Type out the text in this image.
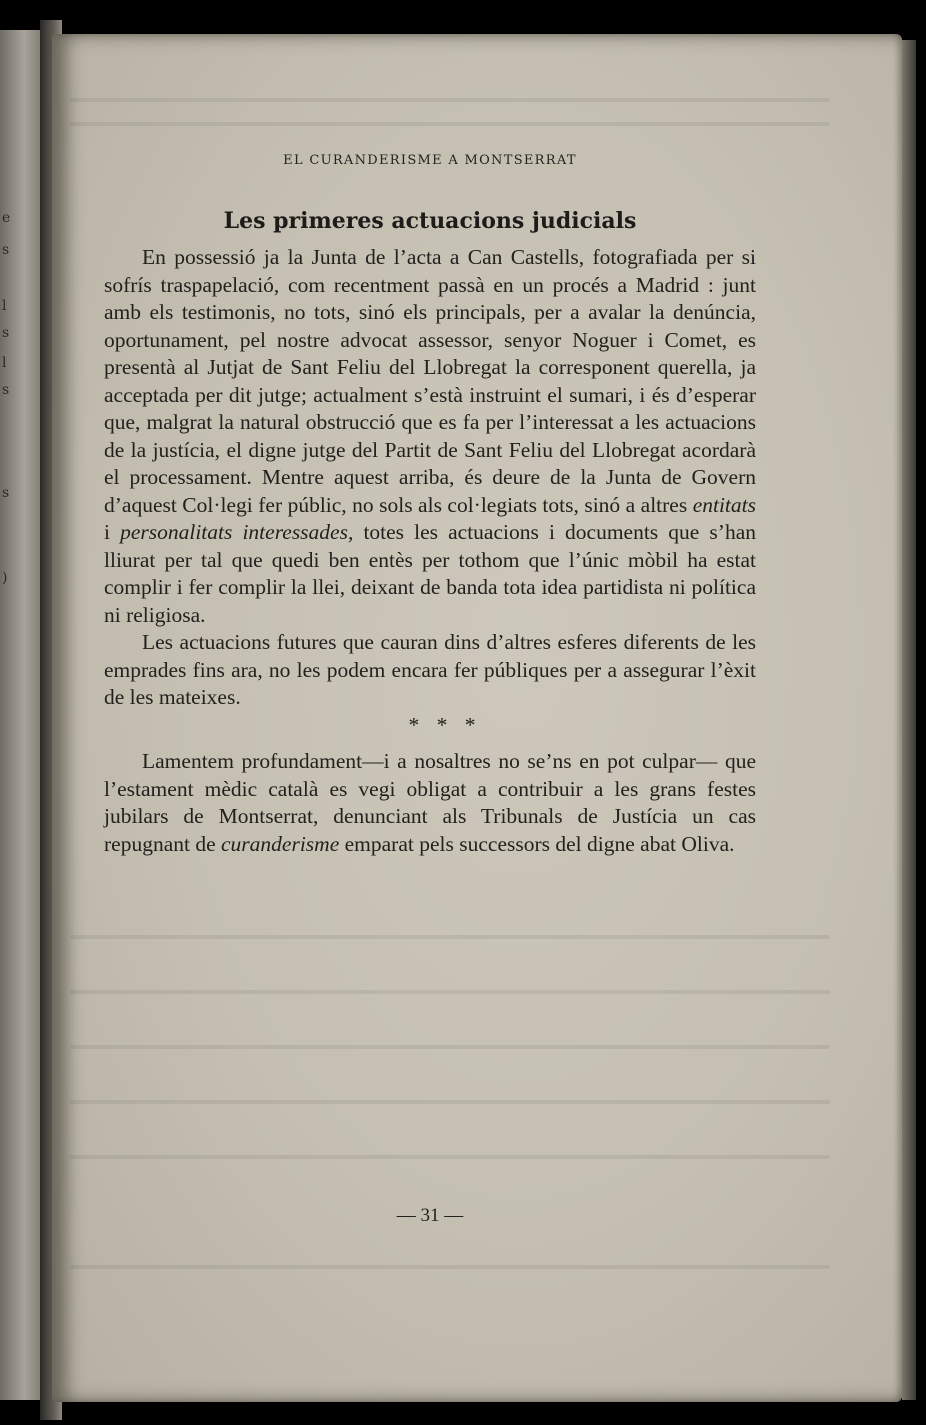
e
s
l
s
l
s
s
)
EL CURANDERISME A MONTSERRAT
Les primeres actuacions judicials

En possessió ja la Junta de l’acta a Can Castells, fotografiada per si sofrís traspapelació, com recentment passà en un procés a Madrid : junt amb els testimonis, no tots, sinó els principals, per a avalar la denúncia, oportunament, pel nostre advocat assessor, senyor Noguer i Comet, es presentà al Jutjat de Sant Feliu del Llobregat la corresponent querella, ja acceptada per dit jutge; actualment s’està instruint el sumari, i és d’esperar que, malgrat la natural obstrucció que es fa per l’interessat a les actuacions de la justícia, el digne jutge del Partit de Sant Feliu del Llobregat acordarà el processament. Mentre aquest arriba, és deure de la Junta de Govern d’aquest Col·legi fer públic, no sols als col·legiats tots, sinó a altres entitats i personalitats interessades, totes les actuacions i documents que s’han lliurat per tal que quedi ben entès per tothom que l’únic mòbil ha estat complir i fer complir la llei, deixant de banda tota idea partidista ni política ni religiosa.

Les actuacions futures que cauran dins d’altres esferes diferents de les emprades fins ara, no les podem encara fer públiques per a assegurar l’èxit de les mateixes.

* * *

Lamentem profundament—i a nosaltres no se’ns en pot culpar— que l’estament mèdic català es vegi obligat a contribuir a les grans festes jubilars de Montserrat, denunciant als Tribunals de Justícia un cas repugnant de curanderisme emparat pels successors del digne abat Oliva.

— 31 —
